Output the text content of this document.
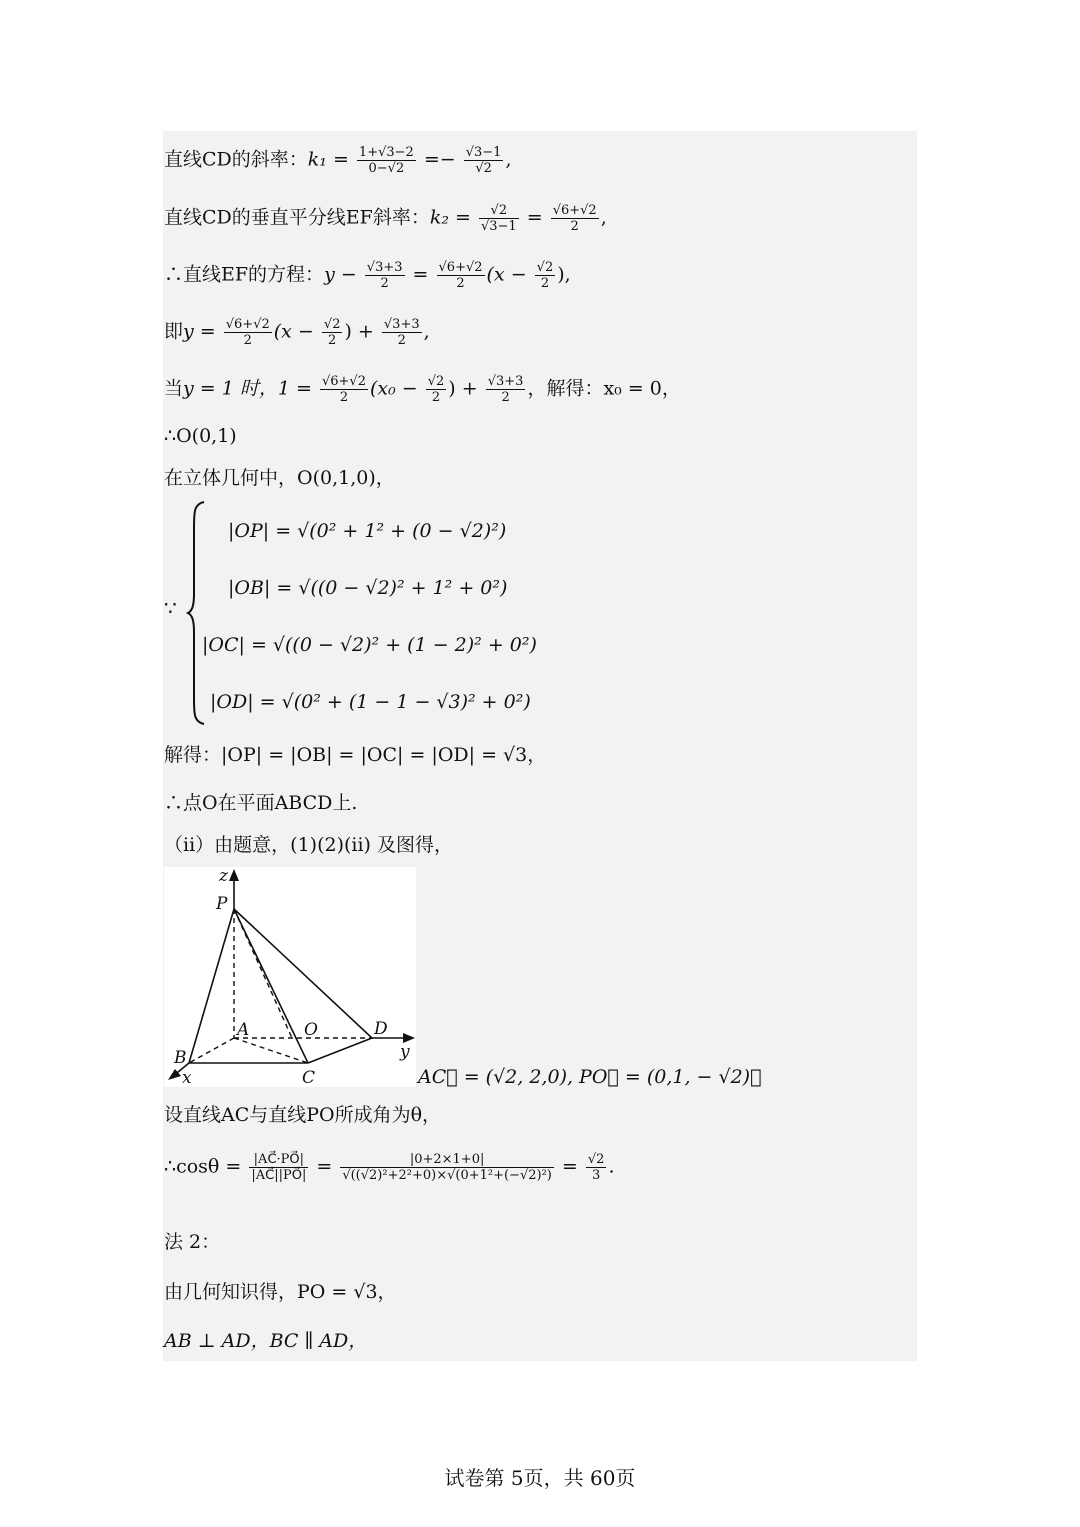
直线CD的斜率：$k_1 = \frac{1+√3-2}{0-√2} =- \frac{√3-1}{√2}$ ,
直线CD的垂直平分线EF斜率：$k_2 = \frac{√2}{√3-1} = \frac{√6+√2}{2}$ ,
∴直线EF的方程：$y - \frac{√3+3}{2} = \frac{√6+√2}{2} (x - \frac{√2}{2}$ ),
即$y = \frac{√6+√2}{2} (x - \frac{√2}{2}$ ) + $\frac{√3+3}{2}$ ,
当y = 1 时，$1 = \frac{√6+√2}{2} (x_0 - \frac{√2}{2}$ ) + $\frac{√3+3}{2}$ ，解得：x₀ = 0，
∴O(0,1)
在立体几何中，O(0,1,0)，
∵
|OP| = √(0² + 1² + (0 − √2)²)
|OB| = √((0 − √2)² + 1² + 0²)
|OC| = √((0 − √2)² + (1 − 2)² + 0²)
|OD| = √(0² + (1 − 1 − √3)² + 0²)
解得：|OP| = |OB| = |OC| = |OD| = √3，
∴点O在平面ABCD上.
（ii）由题意，(1)(2)(ii) 及图得，
z
P
A	O	D
y
B
x	C	AC⃗ = (√2, 2,0), PO⃗ = (0,1, − √2)，
设直线AC与直线PO所成角为θ，
∴cosθ = $\frac{|AC⃗\cdot PO⃗|}{|AC⃗||PO⃗|} = \frac{|0+2\times 1+0|}{\text{√((√2)²+2²+0)×√(0+1²+(−√2)²)}} = \frac{√2}{3}$ .
法 2：
由几何知识得，PO = √3，
AB ⊥ AD，BC ∥ AD，
试卷第 5页，共 60页
